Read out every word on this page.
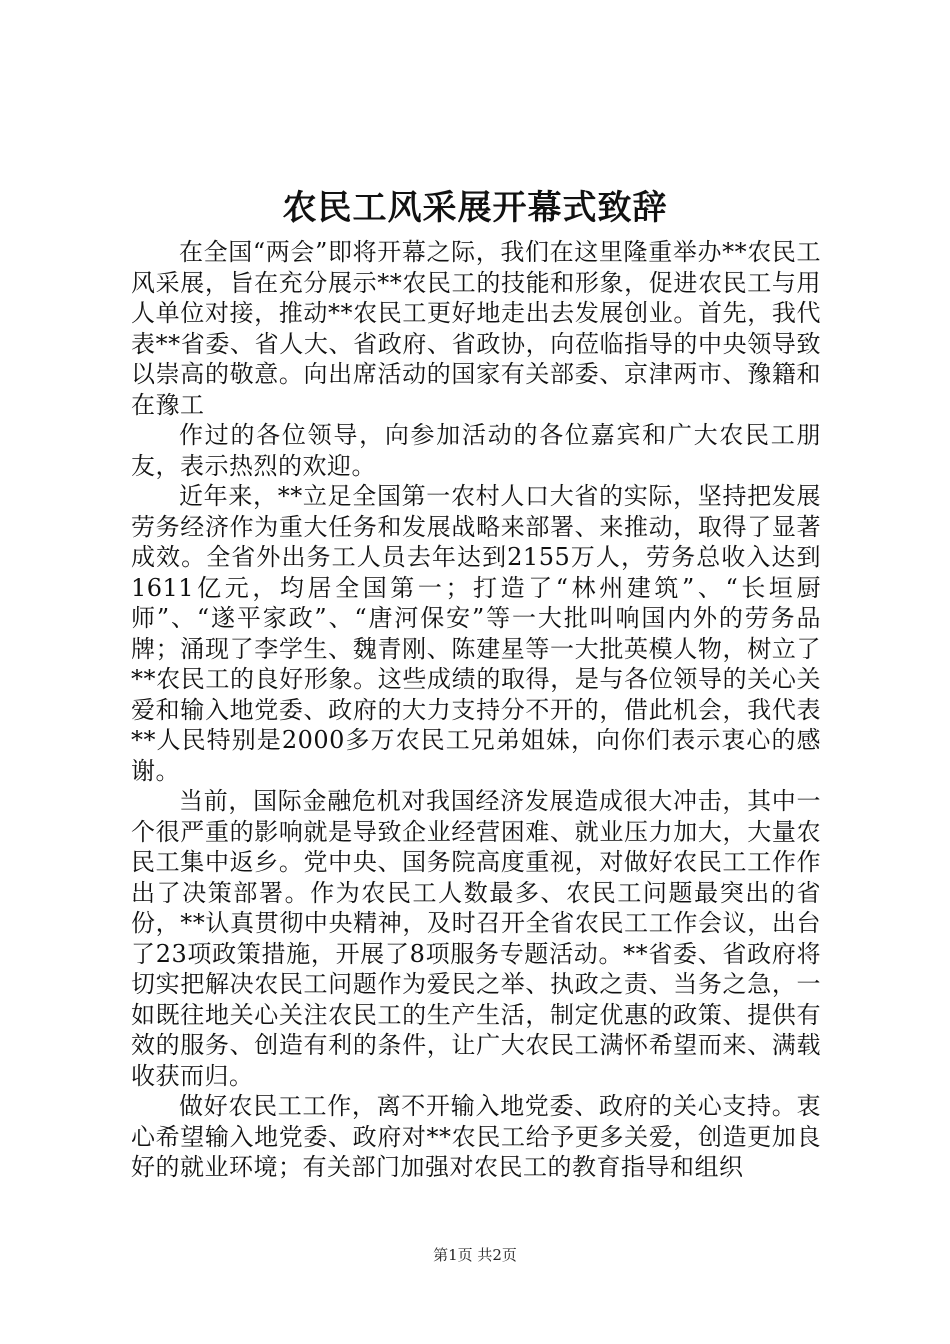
农民工风采展开幕式致辞

在全国“两会”即将开幕之际，我们在这里隆重举办**农民工风采展，旨在充分展示**农民工的技能和形象，促进农民工与用人单位对接，推动**农民工更好地走出去发展创业。首先，我代表**省委、省人大、省政府、省政协，向莅临指导的中央领导致以崇高的敬意。向出席活动的国家有关部委、京津两市、豫籍和在豫工

作过的各位领导，向参加活动的各位嘉宾和广大农民工朋友，表示热烈的欢迎。

近年来，**立足全国第一农村人口大省的实际，坚持把发展劳务经济作为重大任务和发展战略来部署、来推动，取得了显著成效。全省外出务工人员去年达到2155万人，劳务总收入达到1611亿元，均居全国第一；打造了“林州建筑”、“长垣厨师”、“遂平家政”、“唐河保安”等一大批叫响国内外的劳务品牌；涌现了李学生、魏青刚、陈建星等一大批英模人物，树立了**农民工的良好形象。这些成绩的取得，是与各位领导的关心关爱和输入地党委、政府的大力支持分不开的，借此机会，我代表**人民特别是2000多万农民工兄弟姐妹，向你们表示衷心的感谢。

当前，国际金融危机对我国经济发展造成很大冲击，其中一个很严重的影响就是导致企业经营困难、就业压力加大，大量农民工集中返乡。党中央、国务院高度重视，对做好农民工工作作出了决策部署。作为农民工人数最多、农民工问题最突出的省份，**认真贯彻中央精神，及时召开全省农民工工作会议，出台了23项政策措施，开展了8项服务专题活动。**省委、省政府将切实把解决农民工问题作为爱民之举、执政之责、当务之急，一如既往地关心关注农民工的生产生活，制定优惠的政策、提供有效的服务、创造有利的条件，让广大农民工满怀希望而来、满载收获而归。

做好农民工工作，离不开输入地党委、政府的关心支持。衷心希望输入地党委、政府对**农民工给予更多关爱，创造更加良好的就业环境；有关部门加强对农民工的教育指导和组织

第1页 共2页
